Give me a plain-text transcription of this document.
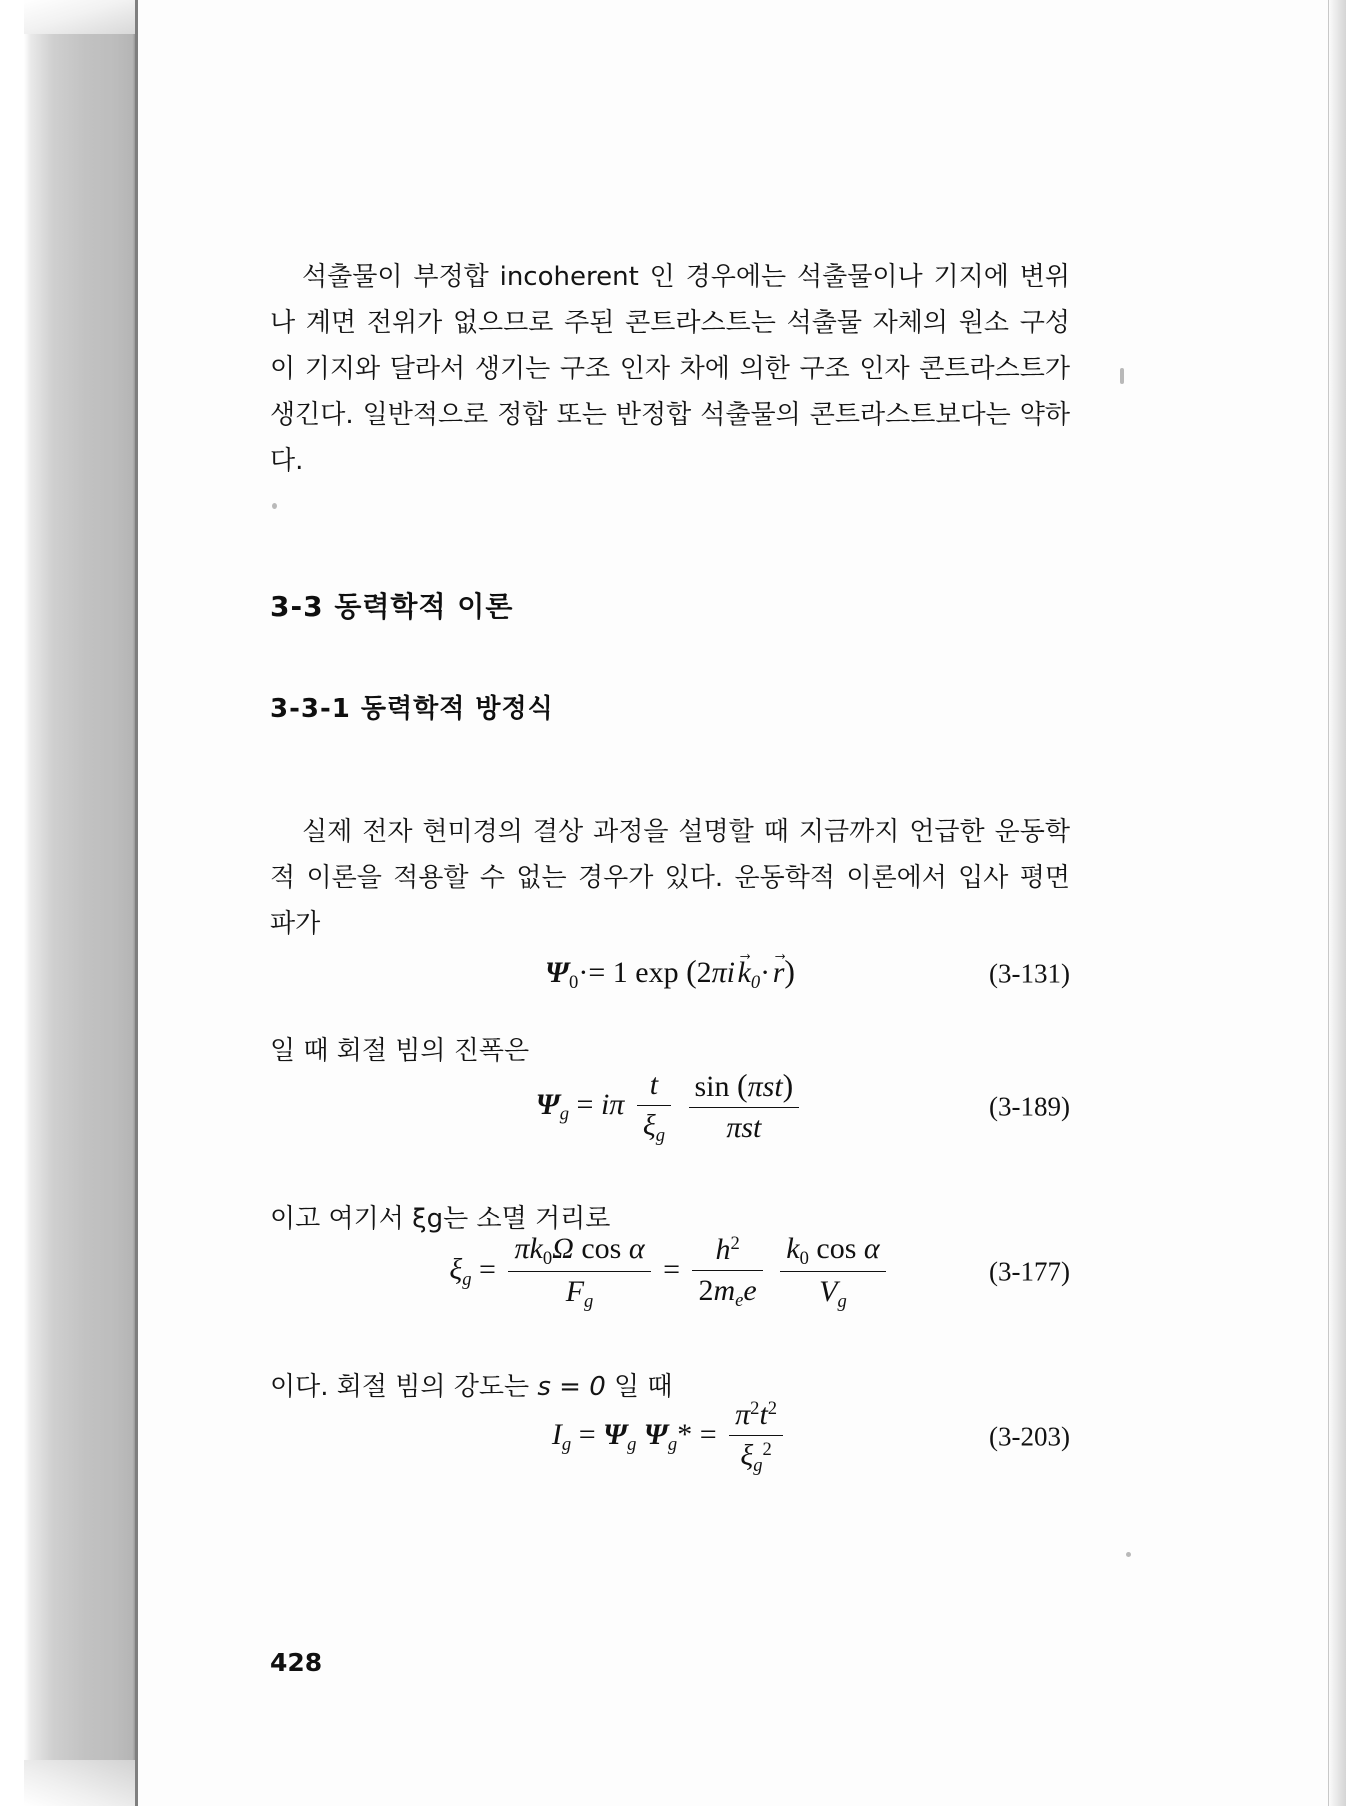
석출물이 부정합 incoherent 인 경우에는 석출물이나 기지에 변위나 계면 전위가 없으므로 주된 콘트라스트는 석출물 자체의 원소 구성이 기지와 달라서 생기는 구조 인자 차에 의한 구조 인자 콘트라스트가 생긴다. 일반적으로 정합 또는 반정합 석출물의 콘트라스트보다는 약하다.

3-3 동력학적 이론
3-3-1 동력학적 방정식

실제 전자 현미경의 결상 과정을 설명할 때 지금까지 언급한 운동학적 이론을 적용할 수 없는 경우가 있다. 운동학적 이론에서 입사 평면 파가

Ψ0·= 1 exp (2πi $k \to_0\cdot$ r →)	(3-131)

일 때 회절 빔의 진폭은

$\Psi_g = i\pi \frac{t}{\xi_g}$
$\frac{\text{sin (πst)}}{\text{πst}}$	(3-189)

이고 여기서 ξg는 소멸 거리로

$\xi_g = \frac{\text{πk0Ω cos α}}{F_g} = \frac{h^2}{2m_ee}$
$\frac{\text{k0 cos α}}{V_g}$	(3-177)

이다. 회절 빔의 강도는 s = 0 일 때

$I_g = \Psi_g$ $\Psi_g* = \frac{\pi^2t^2}{\xi_g^2}$	(3-203)
428
